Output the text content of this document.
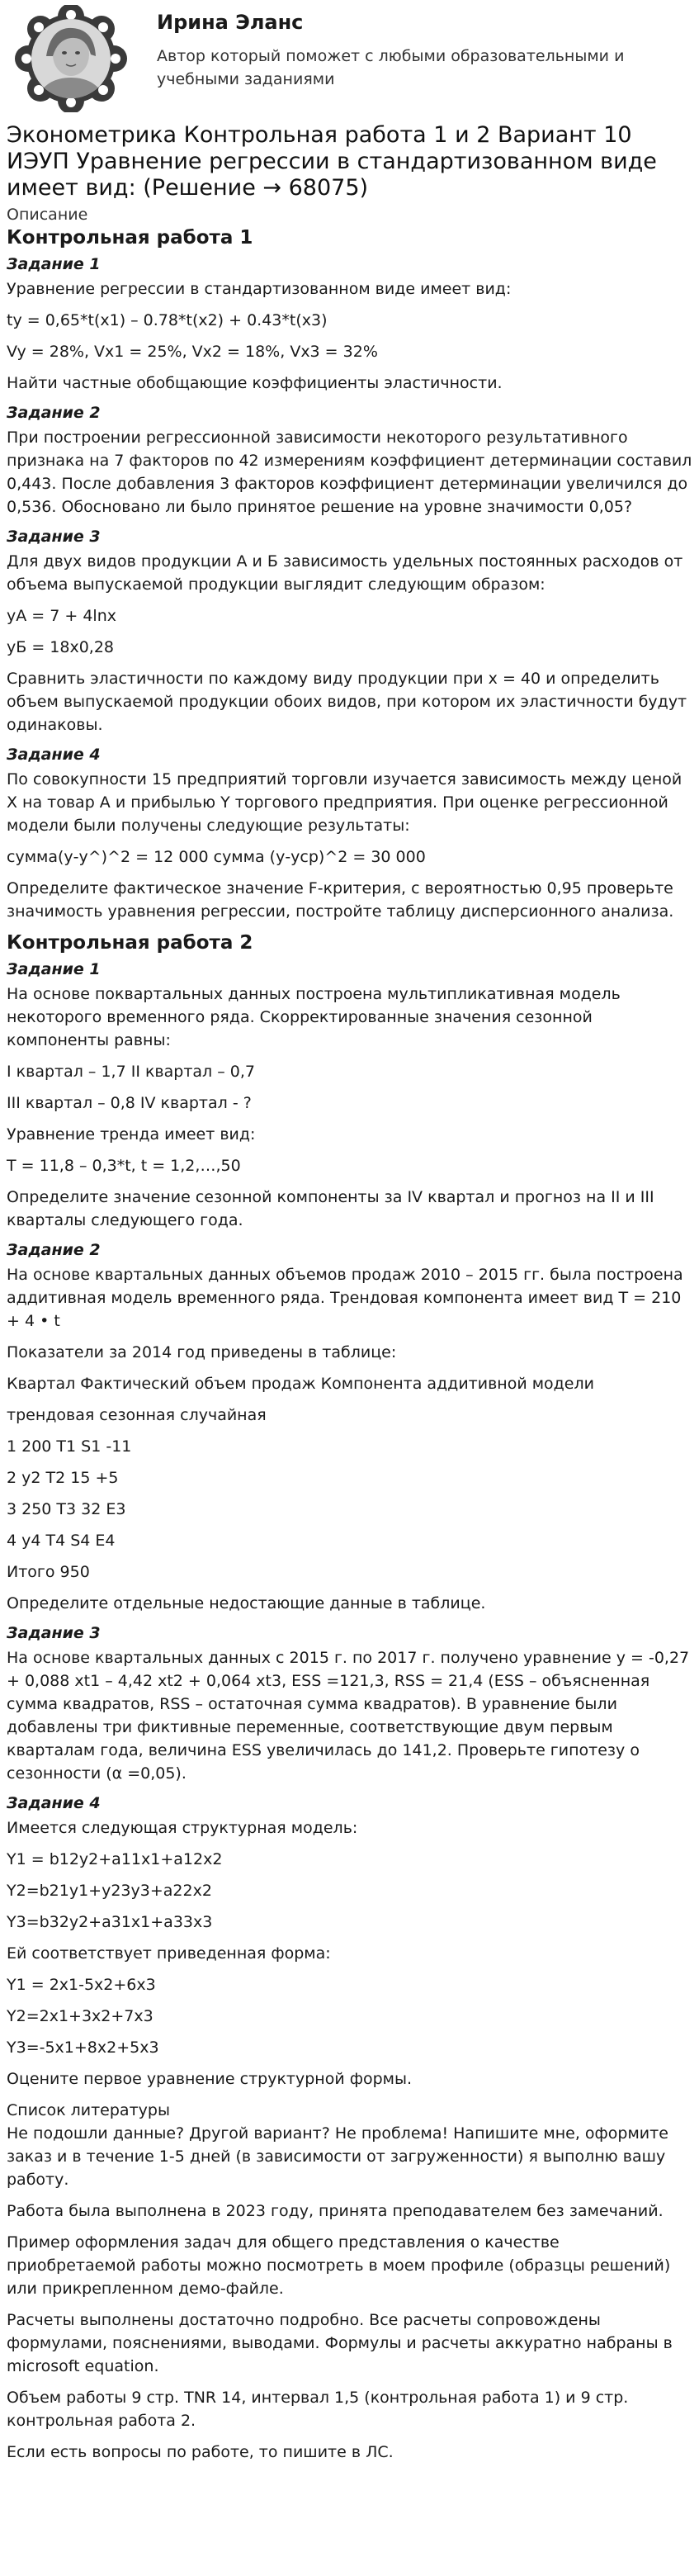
Ирина Эланс
Автор который поможет с любыми образовательными и учебными заданиями
Эконометрика Контрольная работа 1 и 2 Вариант 10 ИЭУП Уравнение регрессии в стандартизованном виде имеет вид: (Решение → 68075)

Описание

Контрольная работа 1
Задание 1

Уравнение регрессии в стандартизованном виде имеет вид:

ty = 0,65*t(x1) – 0.78*t(x2) + 0.43*t(x3)

Vy = 28%, Vx1 = 25%, Vx2 = 18%, Vx3 = 32%

Найти частные обобщающие коэффициенты эластичности.

Задание 2

При построении регрессионной зависимости некоторого результативного признака на 7 факторов по 42 измерениям коэффициент детерминации составил 0,443. После добавления 3 факторов коэффициент детерминации увеличился до 0,536. Обосновано ли было принятое решение на уровне значимости 0,05?

Задание 3

Для двух видов продукции А и Б зависимость удельных постоянных расходов от объема выпускаемой продукции выглядит следующим образом:

yA = 7 + 4lnx

уБ = 18х0,28

Сравнить эластичности по каждому виду продукции при х = 40 и определить объем выпускаемой продукции обоих видов, при котором их эластичности будут одинаковы.

Задание 4

По совокупности 15 предприятий торговли изучается зависимость между ценой X на товар А и прибылью Y торгового предприятия. При оценке регрессионной модели были получены следующие результаты:

сумма(у-у^)^2 = 12 000 сумма (у-усp)^2 = 30 000

Определите фактическое значение F-критерия, с вероятностью 0,95 проверьте значимость уравнения регрессии, постройте таблицу дисперсионного анализа.

Контрольная работа 2
Задание 1

На основе поквартальных данных построена мультипликативная модель некоторого временного ряда. Скорректированные значения сезонной компоненты равны:

I квартал – 1,7 II квартал – 0,7

III квартал – 0,8 IV квартал - ?

Уравнение тренда имеет вид:

T = 11,8 – 0,3*t, t = 1,2,…,50

Определите значение сезонной компоненты за IV квартал и прогноз на II и III кварталы следующего года.

Задание 2

На основе квартальных данных объемов продаж 2010 – 2015 гг. была построена аддитивная модель временного ряда. Трендовая компонента имеет вид T = 210 + 4 • t

Показатели за 2014 год приведены в таблице:

Квартал Фактический объем продаж Компонента аддитивной модели

трендовая сезонная случайная

1 200 T1 S1 -11

2 y2 T2 15 +5

3 250 T3 32 E3

4 y4 T4 S4 E4

Итого 950

Определите отдельные недостающие данные в таблице.

Задание 3

На основе квартальных данных с 2015 г. по 2017 г. получено уравнение y = -0,27 + 0,088 xt1 – 4,42 xt2 + 0,064 xt3, ESS =121,3, RSS = 21,4 (ESS – объясненная сумма квадратов, RSS – остаточная сумма квадратов). В уравнение были добавлены три фиктивные переменные, соответствующие двум первым кварталам года, величина ESS увеличилась до 141,2. Проверьте гипотезу о сезонности (α =0,05).

Задание 4

Имеется следующая структурная модель:

Y1 = b12y2+a11x1+a12x2

Y2=b21y1+y23y3+a22x2

Y3=b32y2+a31x1+a33x3

Ей соответствует приведенная форма:

Y1 = 2x1-5x2+6x3

Y2=2x1+3x2+7x3

Y3=-5x1+8x2+5x3

Оцените первое уравнение структурной формы.

Список литературы

Не подошли данные? Другой вариант? Не проблема! Напишите мне, оформите заказ и в течение 1-5 дней (в зависимости от загруженности) я выполню вашу работу.

Работа была выполнена в 2023 году, принята преподавателем без замечаний.

Пример оформления задач для общего представления о качестве приобретаемой работы можно посмотреть в моем профиле (образцы решений) или прикрепленном демо-файле.

Расчеты выполнены достаточно подробно. Все расчеты сопровождены формулами, пояснениями, выводами. Формулы и расчеты аккуратно набраны в microsoft equation.

Объем работы 9 стр. TNR 14, интервал 1,5 (контрольная работа 1) и 9 стр. контрольная работа 2.

Если есть вопросы по работе, то пишите в ЛС.
